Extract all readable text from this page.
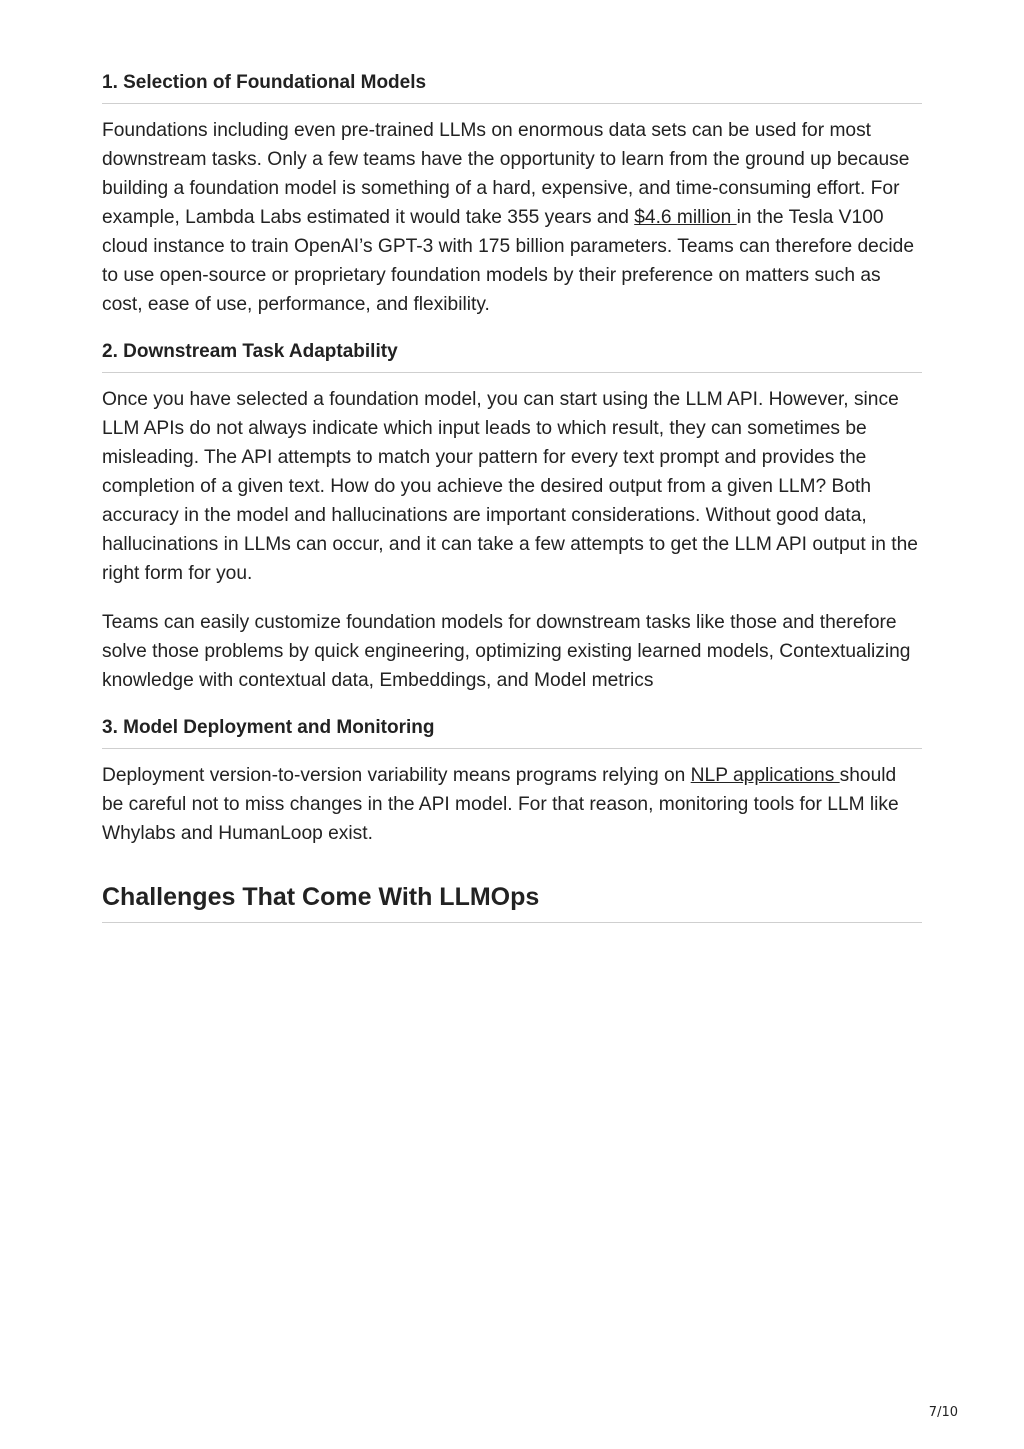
1. Selection of Foundational Models

Foundations including even pre-trained LLMs on enormous data sets can be used for most downstream tasks. Only a few teams have the opportunity to learn from the ground up because building a foundation model is something of a hard, expensive, and time-consuming effort. For example, Lambda Labs estimated it would take 355 years and $4.6 million in the Tesla V100 cloud instance to train OpenAI’s GPT-3 with 175 billion parameters. Teams can therefore decide to use open-source or proprietary foundation models by their preference on matters such as cost, ease of use, performance, and flexibility.

2. Downstream Task Adaptability

Once you have selected a foundation model, you can start using the LLM API. However, since LLM APIs do not always indicate which input leads to which result, they can sometimes be misleading. The API attempts to match your pattern for every text prompt and provides the completion of a given text. How do you achieve the desired output from a given LLM? Both accuracy in the model and hallucinations are important considerations. Without good data, hallucinations in LLMs can occur, and it can take a few attempts to get the LLM API output in the right form for you.

Teams can easily customize foundation models for downstream tasks like those and therefore solve those problems by quick engineering, optimizing existing learned models, Contextualizing knowledge with contextual data, Embeddings, and Model metrics

3. Model Deployment and Monitoring

Deployment version-to-version variability means programs relying on NLP applications should be careful not to miss changes in the API model. For that reason, monitoring tools for LLM like Whylabs and HumanLoop exist.

Challenges That Come With LLMOps
7/10
